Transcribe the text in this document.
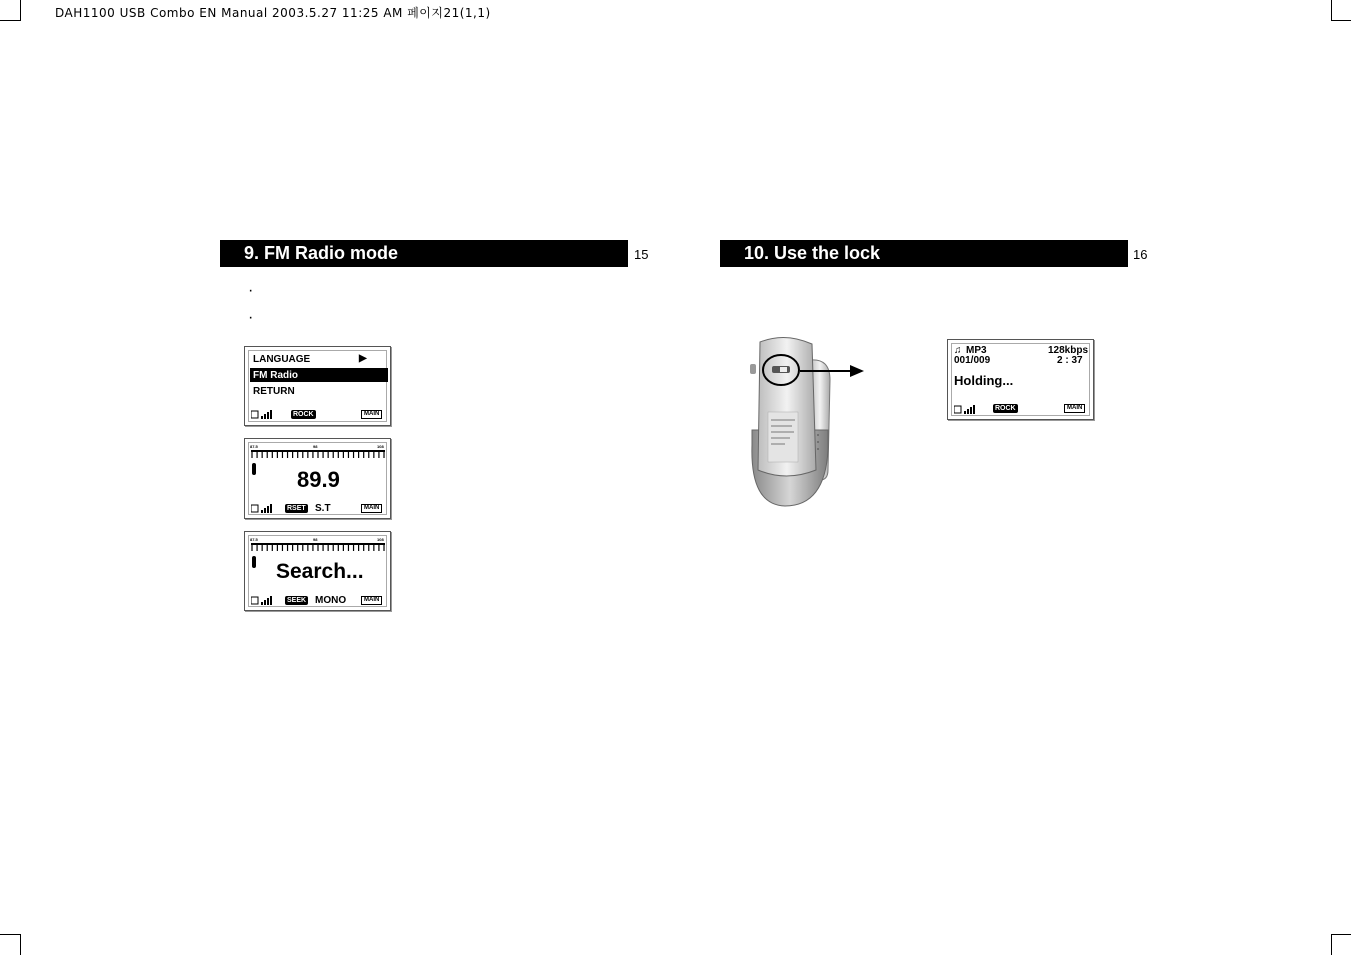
DAH1100 USB Combo EN Manual 2003.5.27 11:25 AM 페이지21(1,1)
9. FM Radio mode	15
·
·
LANGUAGE	▶
FM Radio
RETURN
ROCK	MAIN
87.5	98	108
89.9
RSET S.T	MAIN
87.5	98	108
Search...
SEEK MONO	MAIN
10. Use the lock	16
♫ MP3	128kbps
001/009	2 : 37
Holding...
ROCK	MAIN
